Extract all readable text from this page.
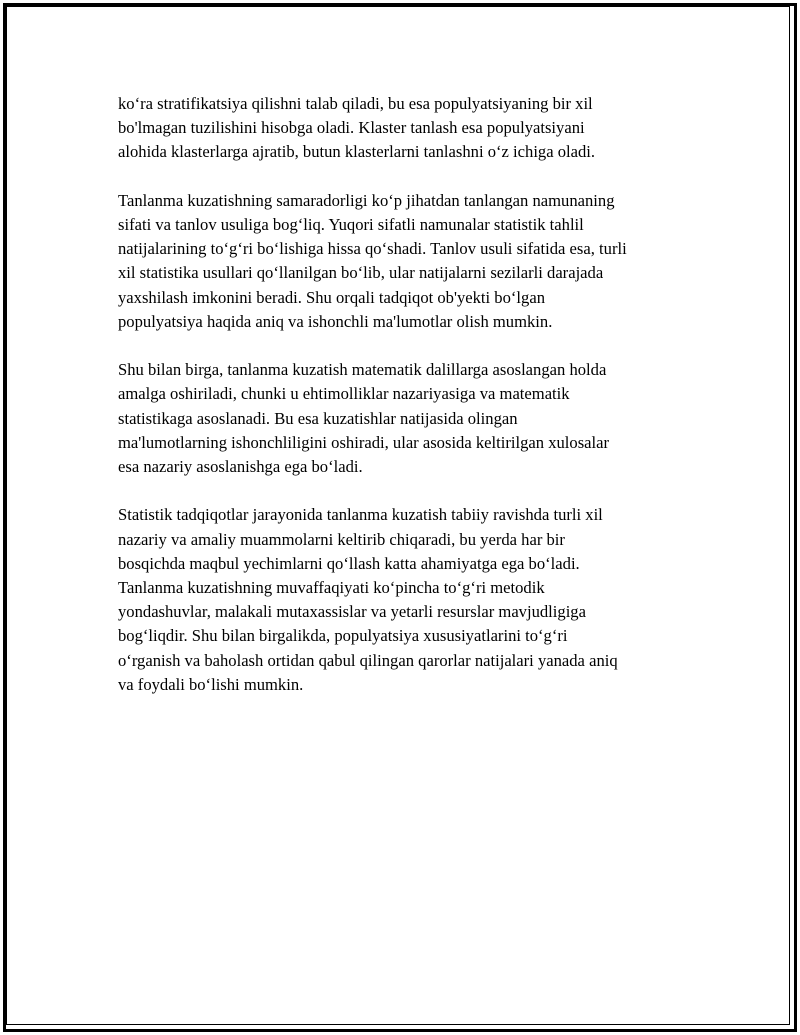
ko‘ra stratifikatsiya qilishni talab qiladi, bu esa populyatsiyaning bir xil
bo'lmagan tuzilishini hisobga oladi. Klaster tanlash esa populyatsiyani
alohida klasterlarga ajratib, butun klasterlarni tanlashni o‘z ichiga oladi.

Tanlanma kuzatishning samaradorligi ko‘p jihatdan tanlangan namunaning
sifati va tanlov usuliga bog‘liq. Yuqori sifatli namunalar statistik tahlil
natijalarining to‘g‘ri bo‘lishiga hissa qo‘shadi. Tanlov usuli sifatida esa, turli
xil statistika usullari qo‘llanilgan bo‘lib, ular natijalarni sezilarli darajada
yaxshilash imkonini beradi. Shu orqali tadqiqot ob'yekti bo‘lgan
populyatsiya haqida aniq va ishonchli ma'lumotlar olish mumkin.

Shu bilan birga, tanlanma kuzatish matematik dalillarga asoslangan holda
amalga oshiriladi, chunki u ehtimolliklar nazariyasiga va matematik
statistikaga asoslanadi. Bu esa kuzatishlar natijasida olingan
ma'lumotlarning ishonchliligini oshiradi, ular asosida keltirilgan xulosalar
esa nazariy asoslanishga ega bo‘ladi.

Statistik tadqiqotlar jarayonida tanlanma kuzatish tabiiy ravishda turli xil
nazariy va amaliy muammolarni keltirib chiqaradi, bu yerda har bir
bosqichda maqbul yechimlarni qo‘llash katta ahamiyatga ega bo‘ladi.
Tanlanma kuzatishning muvaffaqiyati ko‘pincha to‘g‘ri metodik
yondashuvlar, malakali mutaxassislar va yetarli resurslar mavjudligiga
bog‘liqdir. Shu bilan birgalikda, populyatsiya xususiyatlarini to‘g‘ri
o‘rganish va baholash ortidan qabul qilingan qarorlar natijalari yanada aniq
va foydali bo‘lishi mumkin.
